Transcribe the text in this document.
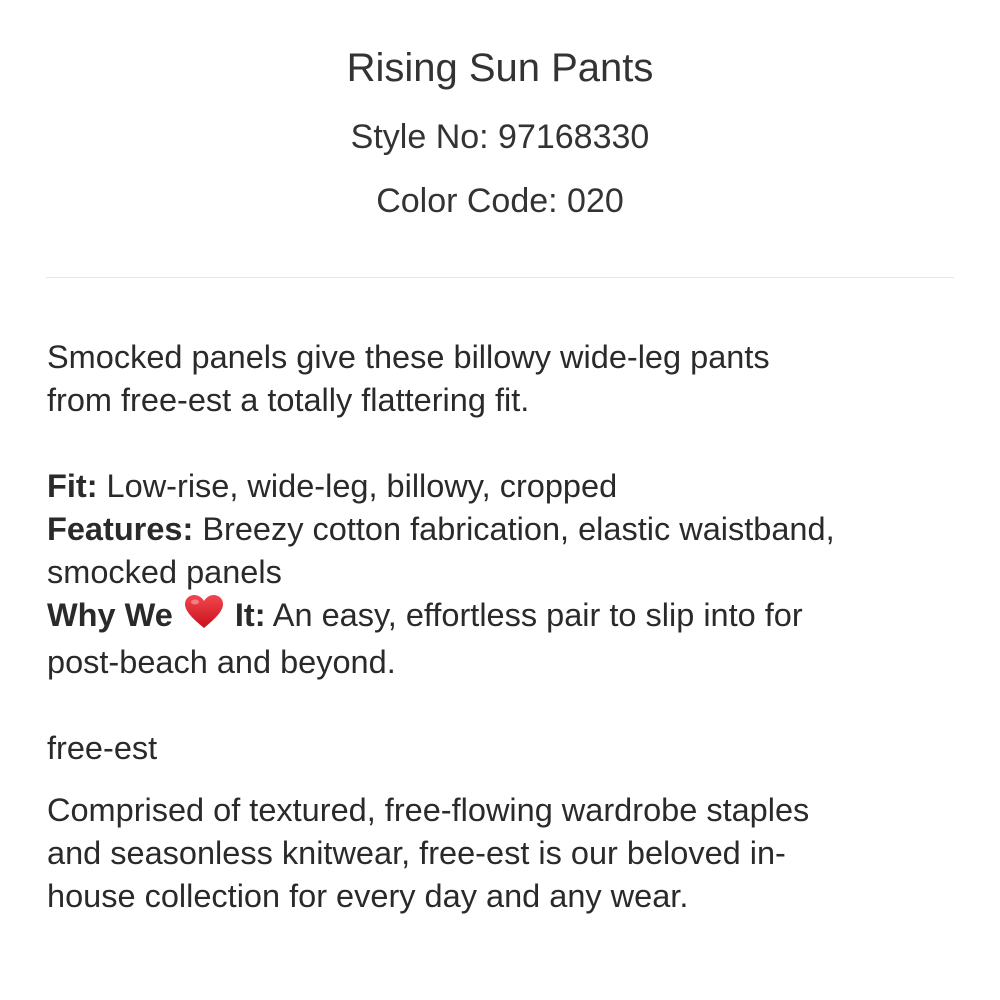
Rising Sun Pants
Style No: 97168330
Color Code: 020

Smocked panels give these billowy wide-leg pants

from free-est a totally flattering fit.

Fit: Low-rise, wide-leg, billowy, cropped

Features: Breezy cotton fabrication, elastic waistband,

smocked panels

Why We It: An easy, effortless pair to slip into for

post-beach and beyond.

free-est
Comprised of textured, free-flowing wardrobe staples
and seasonless knitwear, free-est is our beloved in-
house collection for every day and any wear.
